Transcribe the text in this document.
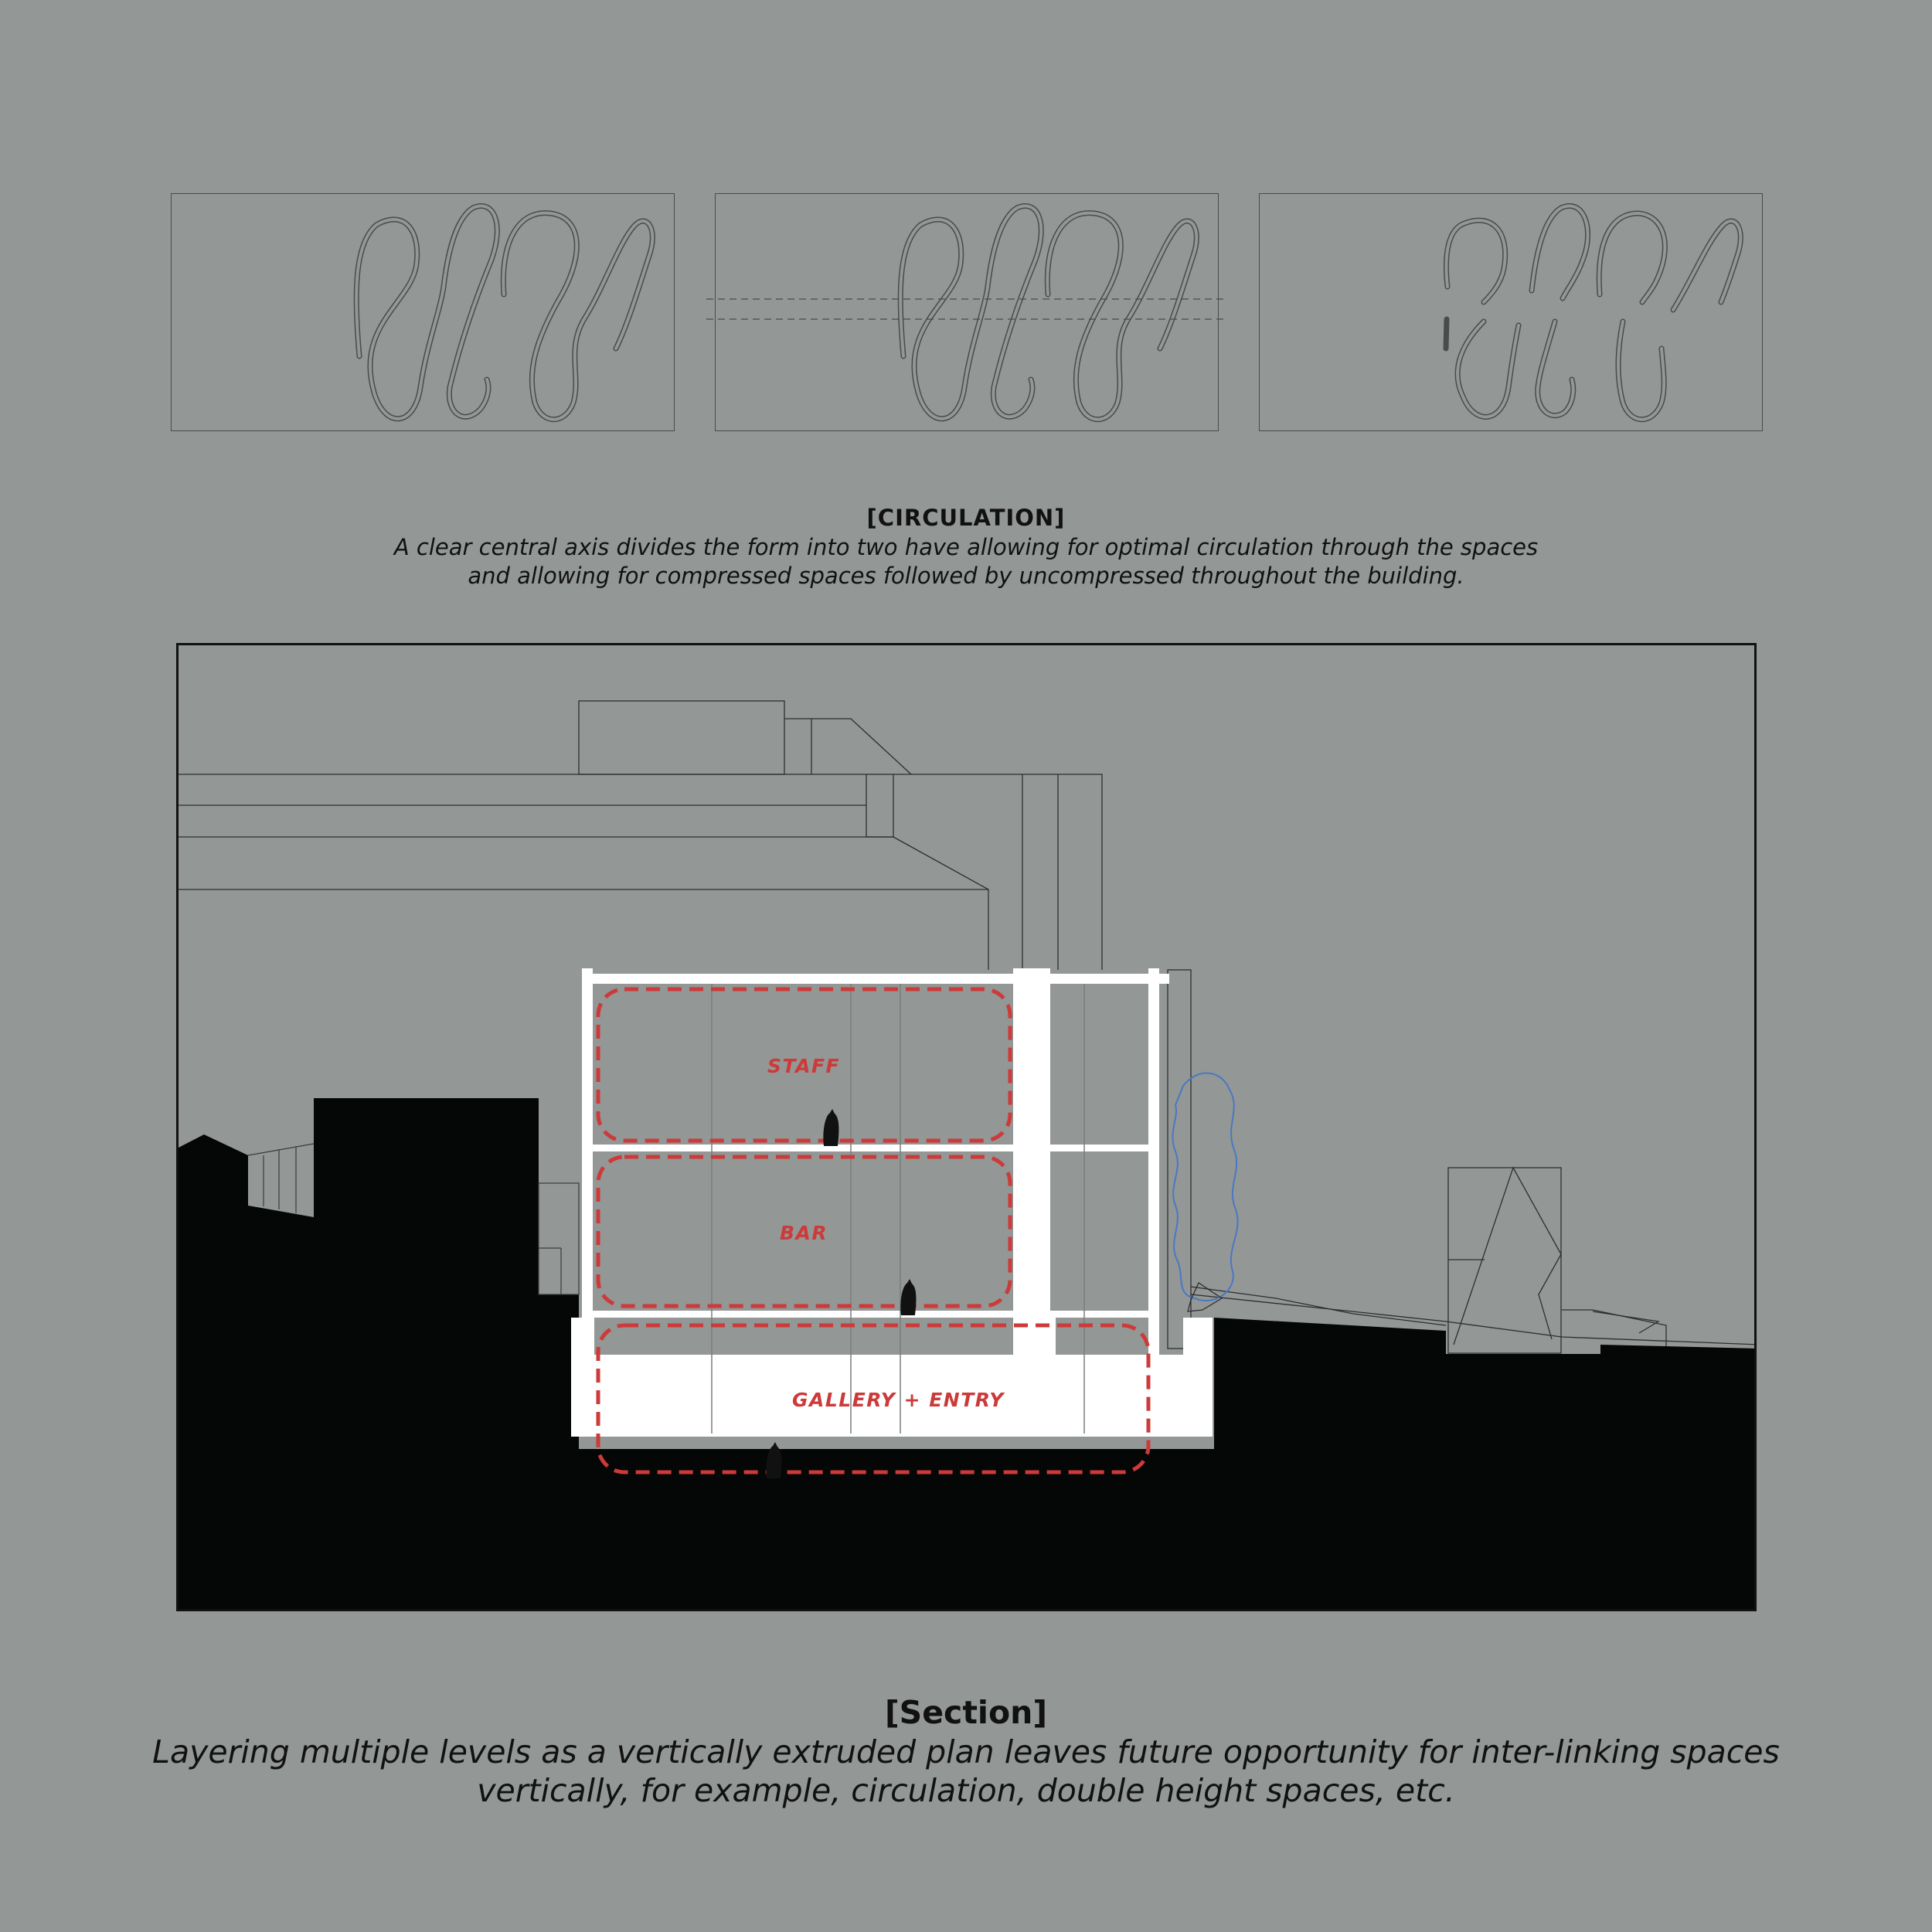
[CIRCULATION]
A clear central axis divides the form into two have allowing for optimal circulation through the spaces
and allowing for compressed spaces followed by uncompressed throughout the building.
STAFF
BAR
GALLERY + ENTRY
[Section]
Layering multiple levels as a vertically extruded plan leaves future opportunity for inter-linking spaces
vertically, for example, circulation, double height spaces, etc.
